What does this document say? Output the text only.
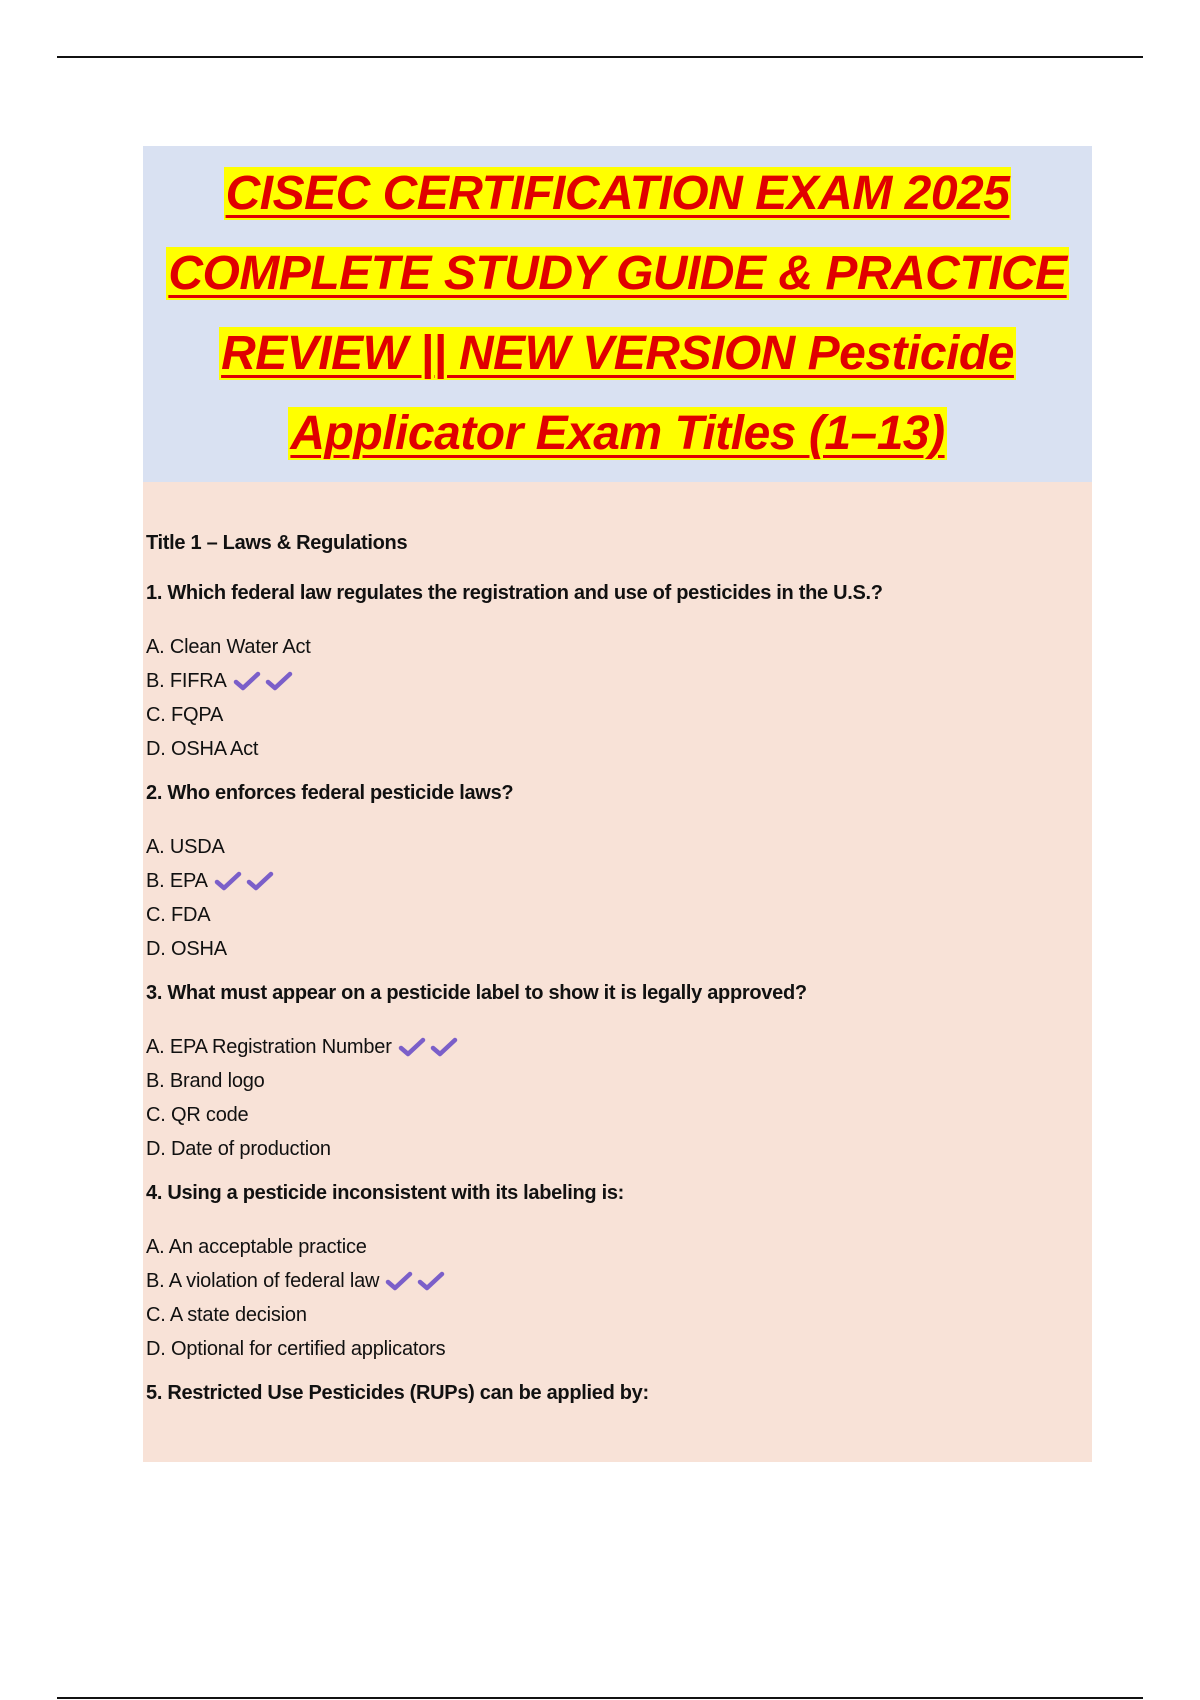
CISEC CERTIFICATION EXAM 2025
COMPLETE STUDY GUIDE & PRACTICE
REVIEW || NEW VERSION Pesticide
Applicator Exam Titles (1–13)
Title 1 – Laws & Regulations
1. Which federal law regulates the registration and use of pesticides in the U.S.?
A. Clean Water Act
B. FIFRA
C. FQPA
D. OSHA Act
2. Who enforces federal pesticide laws?
A. USDA
B. EPA
C. FDA
D. OSHA
3. What must appear on a pesticide label to show it is legally approved?
A. EPA Registration Number
B. Brand logo
C. QR code
D. Date of production
4. Using a pesticide inconsistent with its labeling is:
A. An acceptable practice
B. A violation of federal law
C. A state decision
D. Optional for certified applicators
5. Restricted Use Pesticides (RUPs) can be applied by:
